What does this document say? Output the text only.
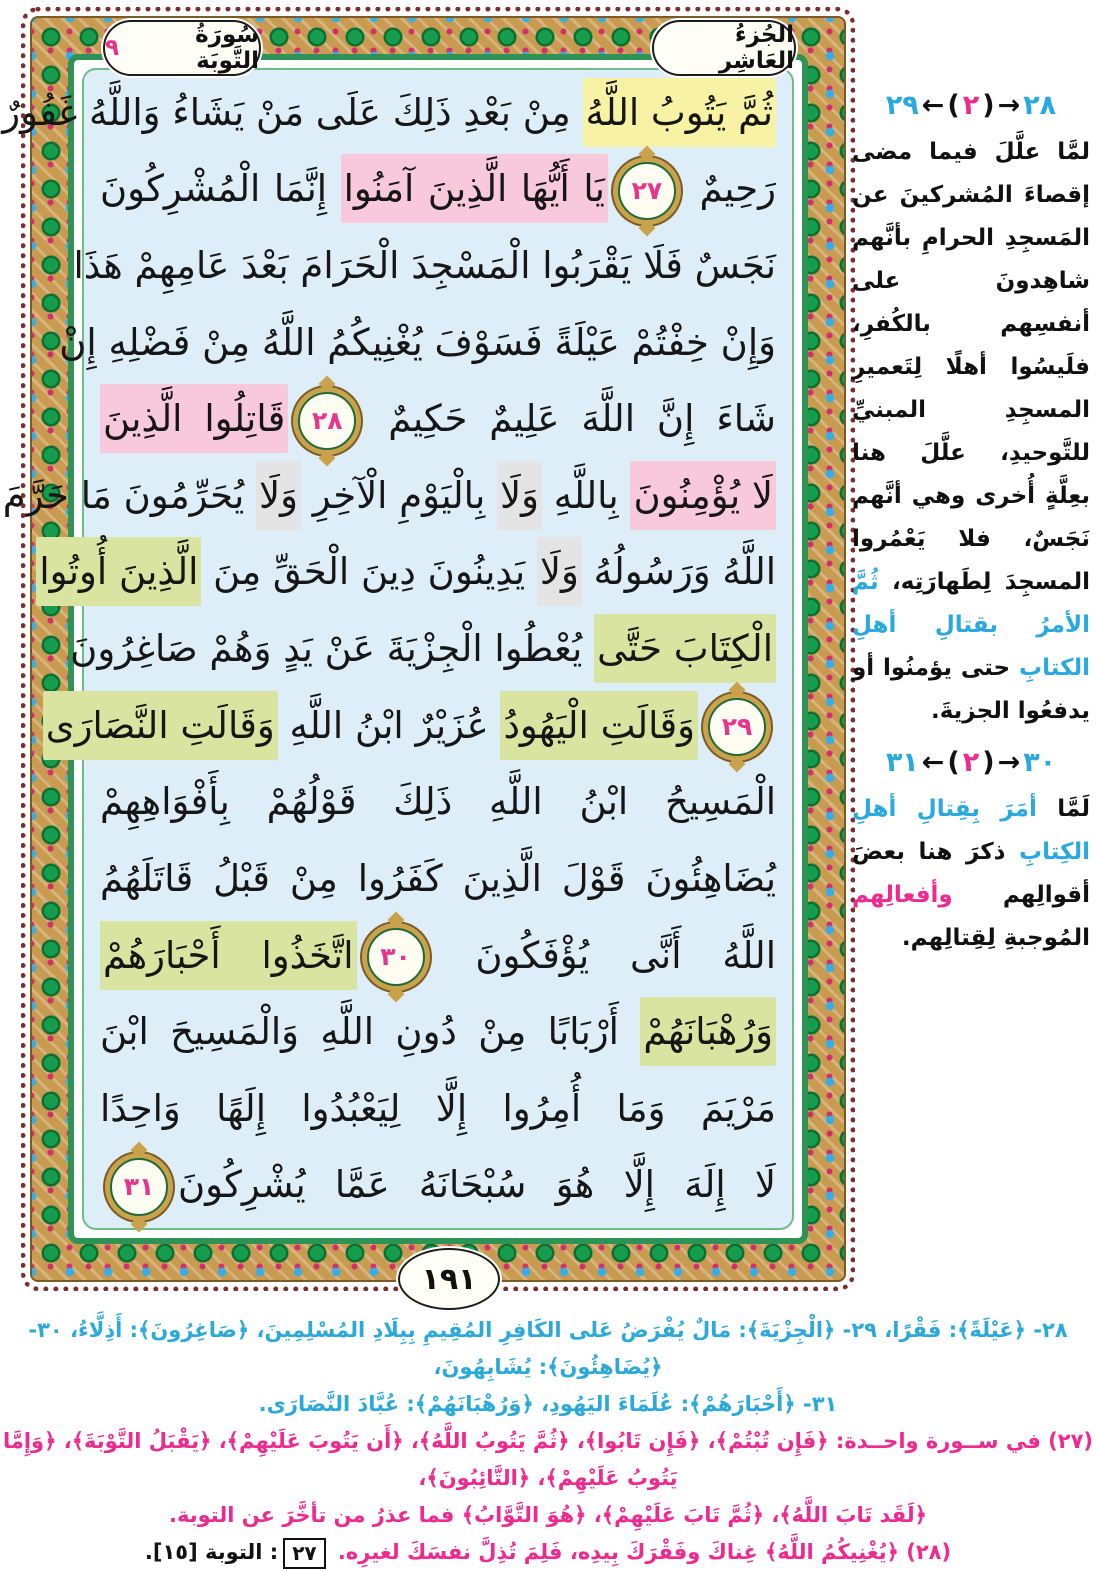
ثُمَّ يَتُوبُ اللَّهُ مِنْ بَعْدِ ذَلِكَ عَلَى مَنْ يَشَاءُ وَاللَّهُ غَفُورٌ
رَحِيمٌ
٢٧
يَا أَيُّهَا الَّذِينَ آمَنُوا إِنَّمَا الْمُشْرِكُونَ
نَجَسٌ فَلَا يَقْرَبُوا الْمَسْجِدَ الْحَرَامَ بَعْدَ عَامِهِمْ هَذَا
وَإِنْ خِفْتُمْ عَيْلَةً فَسَوْفَ يُغْنِيكُمُ اللَّهُ مِنْ فَضْلِهِ إِنْ
شَاءَ إِنَّ اللَّهَ عَلِيمٌ حَكِيمٌ
٢٨
قَاتِلُوا الَّذِينَ
لَا يُؤْمِنُونَ بِاللَّهِ وَلَا بِالْيَوْمِ الْآخِرِ وَلَا يُحَرِّمُونَ مَا حَرَّمَ
اللَّهُ وَرَسُولُهُ وَلَا يَدِينُونَ دِينَ الْحَقِّ مِنَ الَّذِينَ أُوتُوا
الْكِتَابَ حَتَّى يُعْطُوا الْجِزْيَةَ عَنْ يَدٍ وَهُمْ صَاغِرُونَ
٢٩
وَقَالَتِ الْيَهُودُ عُزَيْرٌ ابْنُ اللَّهِ وَقَالَتِ النَّصَارَى
الْمَسِيحُ ابْنُ اللَّهِ ذَلِكَ قَوْلُهُمْ بِأَفْوَاهِهِمْ
يُضَاهِئُونَ قَوْلَ الَّذِينَ كَفَرُوا مِنْ قَبْلُ قَاتَلَهُمُ
اللَّهُ أَنَّى يُؤْفَكُونَ
٣٠
اتَّخَذُوا أَحْبَارَهُمْ
وَرُهْبَانَهُمْ أَرْبَابًا مِنْ دُونِ اللَّهِ وَالْمَسِيحَ ابْنَ
مَرْيَمَ وَمَا أُمِرُوا إِلَّا لِيَعْبُدُوا إِلَهًا وَاحِدًا
لَا إِلَهَ إِلَّا هُوَ سُبْحَانَهُ عَمَّا يُشْرِكُونَ
٣١
سُورَةُ التَّوبَة
٩	الجُزءُ العَاشِر
١٩١
٢٩ ← ( ٢ ) → ٢٨

لمَّا علَّلَ فيما مضى إقصاءَ المُشركينَ عن المَسجِدِ الحرامِ بأنَّهم شاهِدونَ على أنفسِهم بالكُفرِ، فلَيسُوا أهلًا لِتَعميرِ المسجِدِ المبنيِّ للتَّوحيدِ، علَّلَ هنا بعِلَّةٍ أُخرى وهي أنَّهم نَجَسٌ، فلا يَعْمُروا المسجِدَ لِطَهارَتِه، ثُمَّ الأمرُ بقتالِ أهلِ الكتابِ حتى يؤمنُوا أو يدفعُوا الجزيةَ.

٣١ ← ( ٢ ) → ٣٠

لَمَّا أمَرَ بِقِتالِ أهلِ الكِتابِ ذكرَ هنا بعضَ أقوالِهم وأفعالِهم المُوجبةِ لِقِتالِهم.

٢٨- ﴿عَيْلَةً﴾: فَقْرًا، ٢٩- ﴿الْجِزْيَةَ﴾: مَالٌ يُفْرَضُ عَلى الكَافِرِ المُقِيمِ بِبِلَادِ المُسْلِمِينَ، ﴿صَاغِرُونَ﴾: أَذِلَّاءُ، ٣٠- ﴿يُضَاهِئُونَ﴾: يُشَابِهُونَ،
٣١- ﴿أَحْبَارَهُمْ﴾: عُلَمَاءَ اليَهُودِ، ﴿وَرُهْبَانَهُمْ﴾: عُبَّادَ النَّصَارَى.
(٢٧) في ســورة واحــدة: ﴿فَإِن تُبْتُمْ﴾، ﴿فَإِن تَابُوا﴾، ﴿ثُمَّ يَتُوبُ اللَّهُ﴾، ﴿أَن يَتُوبَ عَلَيْهِمْ﴾، ﴿يَقْبَلُ التَّوْبَةَ﴾، ﴿وَإِمَّا يَتُوبُ عَلَيْهِمْ﴾، ﴿التَّائِبُونَ﴾،
﴿لَقَد تَابَ اللَّهُ﴾، ﴿ثُمَّ تَابَ عَلَيْهِمْ﴾، ﴿هُوَ التَّوَّابُ﴾ فما عذرُ من تأخَّرَ عن التوبة.
(٢٨) ﴿يُغْنِيكُمُ اللَّهُ﴾ غِناكَ وفَقْرَكَ بِيدِه، فَلِمَ تُذِلَّ نفسَكَ لغيرِه. ٢٧: التوبة [١٥].
